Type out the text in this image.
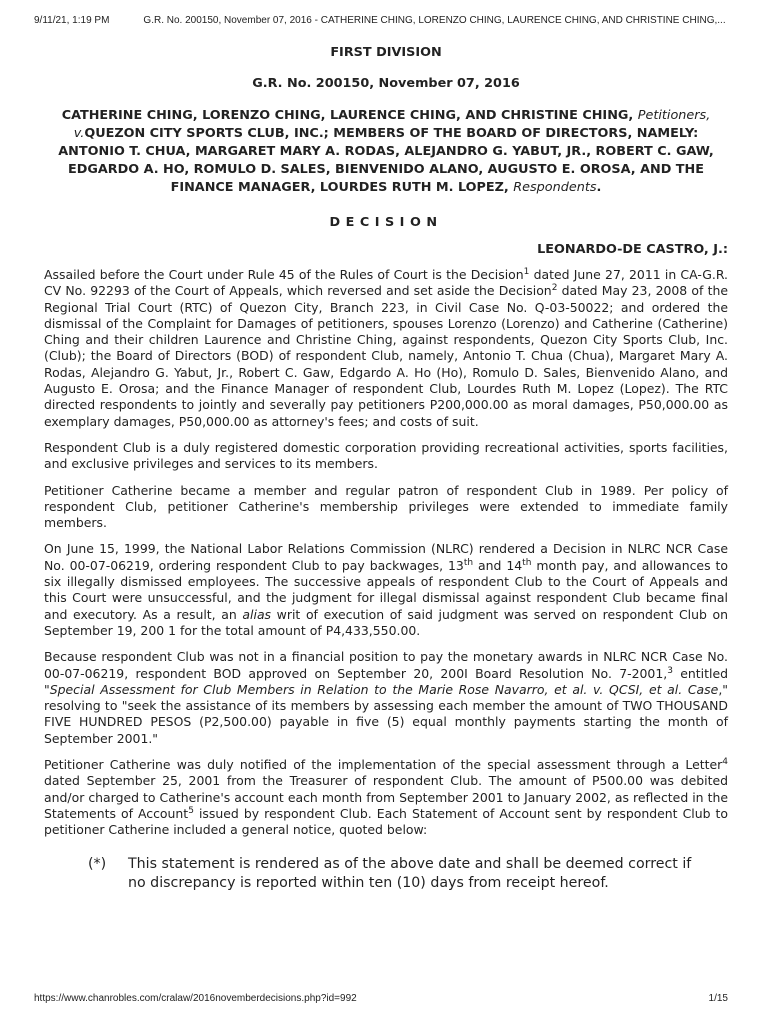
9/11/21, 1:19 PM	G.R. No. 200150, November 07, 2016 - CATHERINE CHING, LORENZO CHING, LAURENCE CHING, AND CHRISTINE CHING,...
FIRST DIVISION
G.R. No. 200150, November 07, 2016
CATHERINE CHING, LORENZO CHING, LAURENCE CHING, AND CHRISTINE CHING, Petitioners, v.QUEZON CITY SPORTS CLUB, INC.; MEMBERS OF THE BOARD OF DIRECTORS, NAMELY: ANTONIO T. CHUA, MARGARET MARY A. RODAS, ALEJANDRO G. YABUT, JR., ROBERT C. GAW, EDGARDO A. HO, ROMULO D. SALES, BIENVENIDO ALANO, AUGUSTO E. OROSA, AND THE FINANCE MANAGER, LOURDES RUTH M. LOPEZ, Respondents.
DECISION
LEONARDO-DE CASTRO, J.:

Assailed before the Court under Rule 45 of the Rules of Court is the Decision$^1$ dated June 27, 2011 in CA-G.R. CV No. 92293 of the Court of Appeals, which reversed and set aside the Decision$^2$ dated May 23, 2008 of the Regional Trial Court (RTC) of Quezon City, Branch 223, in Civil Case No. Q-03-50022; and ordered the dismissal of the Complaint for Damages of petitioners, spouses Lorenzo (Lorenzo) and Catherine (Catherine) Ching and their children Laurence and Christine Ching, against respondents, Quezon City Sports Club, Inc. (Club); the Board of Directors (BOD) of respondent Club, namely, Antonio T. Chua (Chua), Margaret Mary A. Rodas, Alejandro G. Yabut, Jr., Robert C. Gaw, Edgardo A. Ho (Ho), Romulo D. Sales, Bienvenido Alano, and Augusto E. Orosa; and the Finance Manager of respondent Club, Lourdes Ruth M. Lopez (Lopez). The RTC directed respondents to jointly and severally pay petitioners P200,000.00 as moral damages, P50,000.00 as exemplary damages, P50,000.00 as attorney's fees; and costs of suit.

Respondent Club is a duly registered domestic corporation providing recreational activities, sports facilities, and exclusive privileges and services to its members.

Petitioner Catherine became a member and regular patron of respondent Club in 1989. Per policy of respondent Club, petitioner Catherine's membership privileges were extended to immediate family members.

On June 15, 1999, the National Labor Relations Commission (NLRC) rendered a Decision in NLRC NCR Case No. 00-07-06219, ordering respondent Club to pay backwages, 13th and 14th month pay, and allowances to six illegally dismissed employees. The successive appeals of respondent Club to the Court of Appeals and this Court were unsuccessful, and the judgment for illegal dismissal against respondent Club became final and executory. As a result, an alias writ of execution of said judgment was served on respondent Club on September 19, 200 1 for the total amount of P4,433,550.00.

Because respondent Club was not in a financial position to pay the monetary awards in NLRC NCR Case No. 00-07-06219, respondent BOD approved on September 20, 200I Board Resolution No. 7-2001,$^3$ entitled "Special Assessment for Club Members in Relation to the Marie Rose Navarro, et al. v. QCSI, et al. Case," resolving to "seek the assistance of its members by assessing each member the amount of TWO THOUSAND FIVE HUNDRED PESOS (P2,500.00) payable in five (5) equal monthly payments starting the month of September 2001."

Petitioner Catherine was duly notified of the implementation of the special assessment through a Letter$^4$ dated September 25, 2001 from the Treasurer of respondent Club. The amount of P500.00 was debited and/or charged to Catherine's account each month from September 2001 to January 2002, as reflected in the Statements of Account$^5$ issued by respondent Club. Each Statement of Account sent by respondent Club to petitioner Catherine included a general notice, quoted below:

(*)	This statement is rendered as of the above date and shall be deemed correct if no discrepancy is reported within ten (10) days from receipt hereof.
https://www.chanrobles.com/cralaw/2016novemberdecisions.php?id=992	1/15
